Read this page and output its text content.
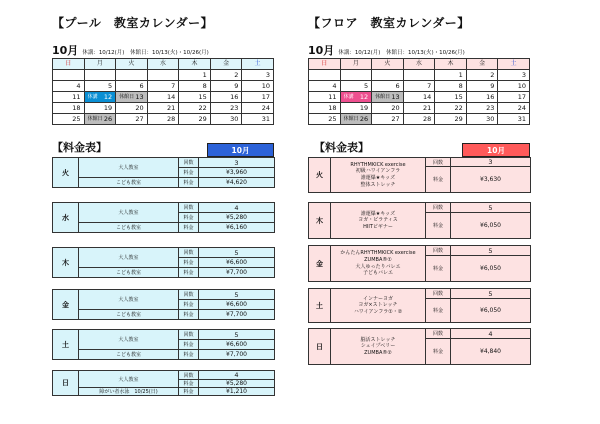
【プール　教室カレンダー】
10月 休講：10/12(月)　休館日：10/13(火)・10/26(月)
日	月	火	水	木	金	土
				1	2	3
4	5	6	7	8	9	10
11	休講 12	休館日 13	14	15	16	17
18	19	20	21	22	23	24
25	休館日 26	27	28	29	30	31
【料金表】	10月
火	大人教室	回数	3
		料金	¥3,960
	こども教室	料金	¥4,620
水	大人教室	回数	4
		料金	¥5,280
	こども教室	料金	¥6,160
木	大人教室	回数	5
		料金	¥6,600
	こども教室	料金	¥7,700
金	大人教室	回数	5
		料金	¥6,600
	こども教室	料金	¥7,700
土	大人教室	回数	5
		料金	¥6,600
	こども教室	料金	¥7,700
日	大人教室	回数	4
		料金	¥5,280
	障がい者水泳　10/25(日)	料金	¥1,210
【フロア　教室カレンダー】
10月 休講：10/12(月)　休館日：10/13(火)・10/26(月)
日	月	火	水	木	金	土
				1	2	3
4	5	6	7	8	9	10
11	休講 12	休館日 13	14	15	16	17
18	19	20	21	22	23	24
25	休館日 26	27	28	29	30	31
【料金表】	10月
火	RHYTHMKICK exercise
初級ハワイアンフラ
誰運爆★キッズ
整体ストレッチ	回数	3
		料金	¥3,630
木	誰運爆★キッズ
ヨガ・ピラティス
HIITビギナー	回数	5
		料金	¥6,050
金	かんたんRHYTHMKICK exercise
ZUMBA®①
大人ゆったりバレエ
子どもバレエ	回数	5
		料金	¥6,050
土	インナーヨガ
ヨガ×ストレッチ
ハワイアンフラ①・②	回数	5
		料金	¥6,050
日	脳活ストレッチ
シェイプベリー
ZUMBA®②	回数	4
		料金	¥4,840
